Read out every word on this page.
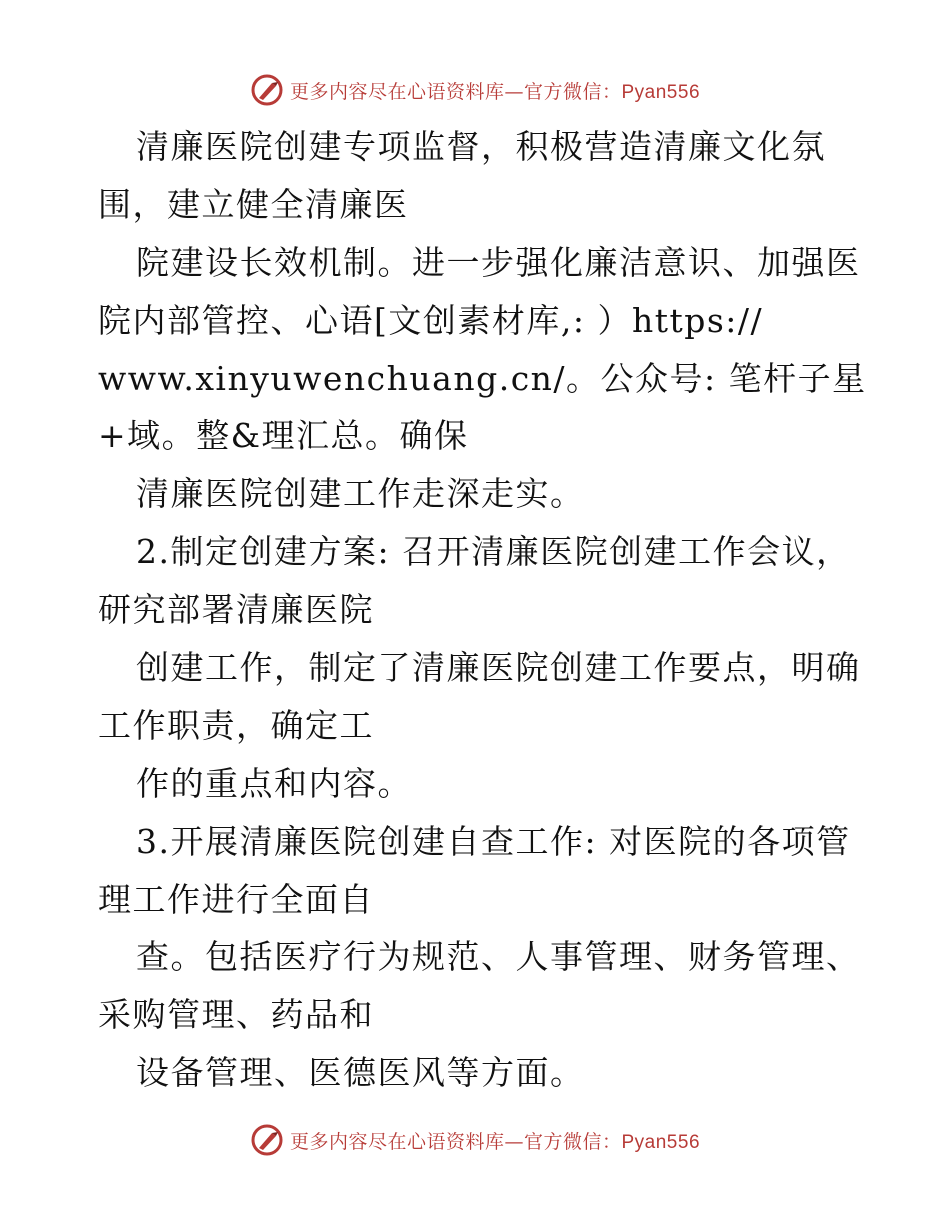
更多内容尽在心语资料库—官方微信：Pyan556
清廉医院创建专项监督，积极营造清廉文化氛
围，建立健全清廉医
院建设长效机制。进一步强化廉洁意识、加强医
院内部管控、心语[文创素材库,: ）https://
www.xinyuwenchuang.cn/。公众号: 笔杆子星
+域。整&理汇总。确保
清廉医院创建工作走深走实。
2.制定创建方案: 召开清廉医院创建工作会议，
研究部署清廉医院
创建工作，制定了清廉医院创建工作要点，明确
工作职责，确定工
作的重点和内容。
3.开展清廉医院创建自查工作: 对医院的各项管
理工作进行全面自
查。包括医疗行为规范、人事管理、财务管理、
采购管理、药品和
设备管理、医德医风等方面。
更多内容尽在心语资料库—官方微信：Pyan556
